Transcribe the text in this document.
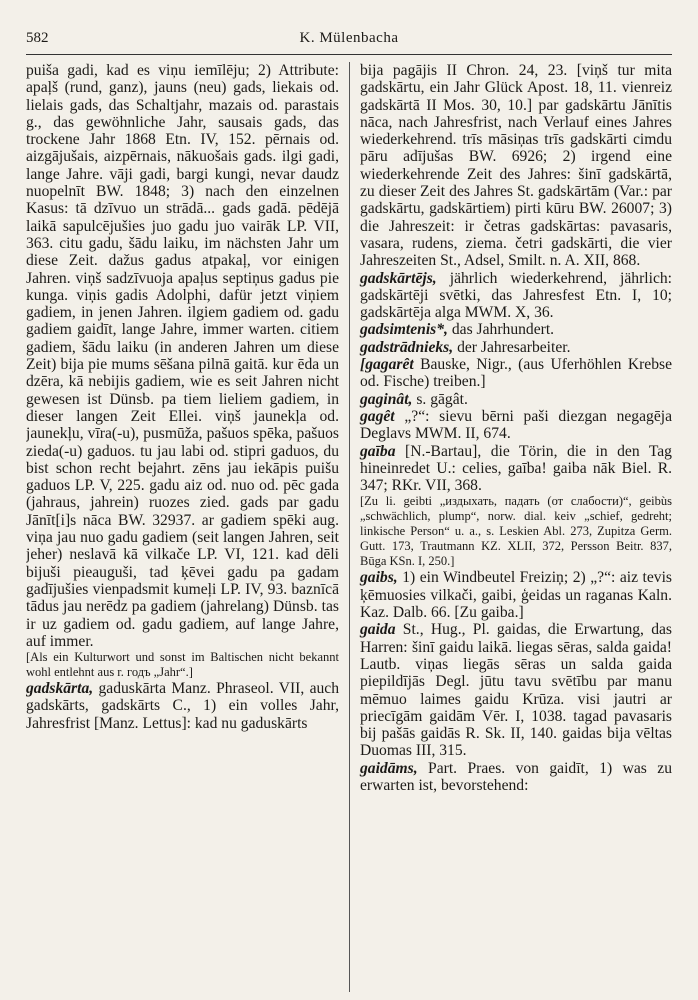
582	K. Mülenbacha

puiša gadi, kad es viņu iemīlēju; 2) Attribute: apaļš (rund, ganz), jauns (neu) gads, liekais od. lielais gads, das Schaltjahr, mazais od. parastais g., das gewöhnliche Jahr, sausais gads, das trockene Jahr 1868 Etn. IV, 152. pērnais od. aizgājušais, aizpērnais, nākuošais gads. ilgi gadi, lange Jahre. vāji gadi, bargi kungi, nevar daudz nuopelnīt BW. 1848; 3) nach den einzelnen Kasus: tā dzīvuo un strādā... gads gadā. pēdējā laikā sapulcējušies juo gadu juo vairāk LP. VII, 363. citu gadu, šādu laiku, im nächsten Jahr um diese Zeit. dažus gadus atpakaļ, vor einigen Jahren. viņš sadzīvuoja apaļus septiņus gadus pie kunga. viņis gadis Adolphi, dafür jetzt viņiem gadiem, in jenen Jahren. ilgiem gadiem od. gadu gadiem gaidīt, lange Jahre, immer warten. citiem gadiem, šādu laiku (in anderen Jahren um diese Zeit) bija pie mums sēšana pilnā gaitā. kur ēda un dzēra, kā nebijis gadiem, wie es seit Jahren nicht gewesen ist Dünsb. pa tiem lieliem gadiem, in dieser langen Zeit Ellei. viņš jaunekļa od. jaunekļu, vīra(-u), pusmūža, pašuos spēka, pašuos zieda(-u) gaduos. tu jau labi od. stipri gaduos, du bist schon recht bejahrt. zēns jau iekāpis puišu gaduos LP. V, 225. gadu aiz od. nuo od. pēc gada (jahraus, jahrein) ruozes zied. gads par gadu Jānīt[i]s nāca BW. 32937. ar gadiem spēki aug. viņa jau nuo gadu gadiem (seit langen Jahren, seit jeher) neslavā kā vilkače LP. VI, 121. kad dēli bijuši pieauguši, tad ķēvei gadu pa gadam gadījušies vienpadsmit kumeļi LP. IV, 93. baznīcā tādus jau nerēdz pa gadiem (jahrelang) Dünsb. tas ir uz gadiem od. gadu gadiem, auf lange Jahre, auf immer.

[Als ein Kulturwort und sonst im Baltischen nicht bekannt wohl entlehnt aus r. годъ „Jahr“.]

gadskārta, gaduskārta Manz. Phraseol. VII, auch gadskārts, gadskārts C., 1) ein volles Jahr, Jahresfrist [Manz. Lettus]: kad nu gaduskārts

bija pagājis II Chron. 24, 23. [viņš tur mita gadskārtu, ein Jahr Glück Apost. 18, 11. vienreiz gadskārtā II Mos. 30, 10.] par gadskārtu Jānītis nāca, nach Jahresfrist, nach Verlauf eines Jahres wiederkehrend. trīs māsiņas trīs gadskārti cimdu pāru adījušas BW. 6926; 2) irgend eine wiederkehrende Zeit des Jahres: šinī gadskārtā, zu dieser Zeit des Jahres St. gadskārtām (Var.: par gadskārtu, gadskārtiem) pirti kūru BW. 26007; 3) die Jahreszeit: ir četras gadskārtas: pavasaris, vasara, rudens, ziema. četri gadskārti, die vier Jahreszeiten St., Adsel, Smilt. n. A. XII, 868.

gadskārtējs, jährlich wiederkehrend, jährlich: gadskārtēji svētki, das Jahresfest Etn. I, 10; gadskārtēja alga MWM. X, 36.

gadsimtenis*, das Jahrhundert.

gadstrādnieks, der Jahresarbeiter.

[gagarêt Bauske, Nigr., (aus Uferhöhlen Krebse od. Fische) treiben.]

gaginât, s. gāgât.

gagêt „?“: sievu bērni paši diezgan negagēja Deglavs MWM. II, 674.

gaība [N.-Bartau], die Törin, die in den Tag hineinredet U.: celies, gaība! gaiba nāk Biel. R. 347; RKr. VII, 368.

[Zu li. geibti „издыхать, падать (от слабости)“, geibùs „schwächlich, plump“, norw. dial. keiv „schief, gedreht; linkische Person“ u. a., s. Leskien Abl. 273, Zupitza Germ. Gutt. 173, Trautmann KZ. XLII, 372, Persson Beitr. 837, Būga KSn. I, 250.]

gaibs, 1) ein Windbeutel Freiziņ; 2) „?“: aiz tevis ķēmuosies vilkači, gaibi, ģeidas un raganas Kaln. Kaz. Dalb. 66. [Zu gaiba.]

gaida St., Hug., Pl. gaidas, die Erwartung, das Harren: šinī gaidu laikā. liegas sēras, salda gaida! Lautb. viņas liegās sēras un salda gaida piepildījās Degl. jūtu tavu svētību par manu mēmuo laimes gaidu Krūza. visi jautri ar priecīgām gaidām Vēr. I, 1038. tagad pavasaris bij pašās gaidās R. Sk. II, 140. gaidas bija vēltas Duomas III, 315.

gaidāms, Part. Praes. von gaidīt, 1) was zu erwarten ist, bevorstehend:
